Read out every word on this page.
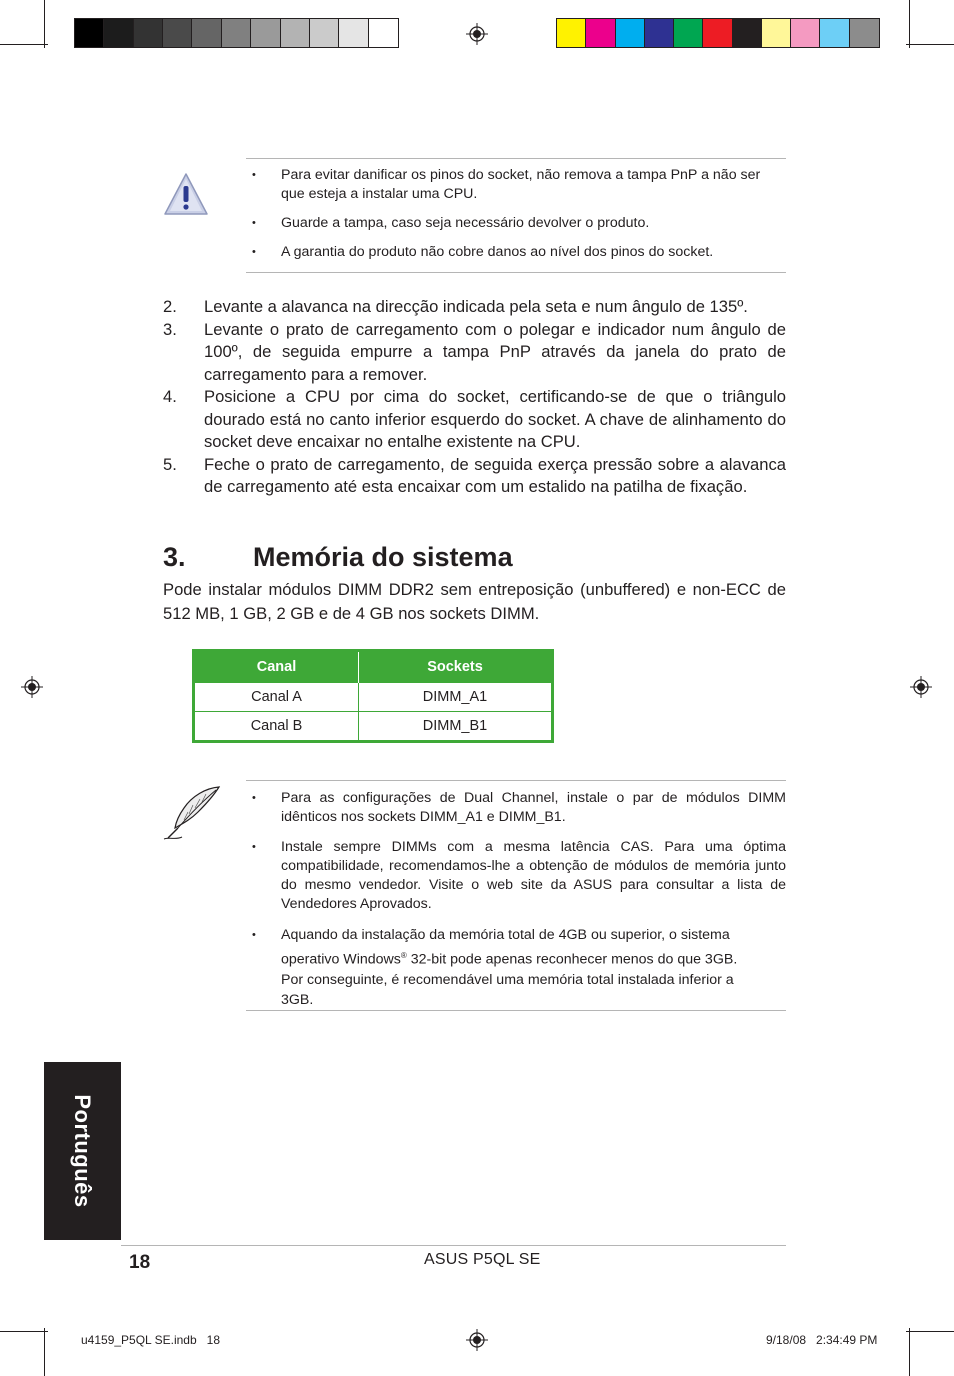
• Para evitar danificar os pinos do socket, não remova a tampa PnP a não ser que esteja a instalar uma CPU.
• Guarde a tampa, caso seja necessário devolver o produto.
• A garantia do produto não cobre danos ao nível dos pinos do socket.
2.	Levante a alavanca na direcção indicada pela seta e num ângulo de 135º.
3.	Levante o prato de carregamento com o polegar e indicador num ângulo de 100º, de seguida empurre a tampa PnP através da janela do prato de carregamento para a remover.
4.	Posicione a CPU por cima do socket, certificando-se de que o triângulo dourado está no canto inferior esquerdo do socket. A chave de alinhamento do socket deve encaixar no entalhe existente na CPU.
5.	Feche o prato de carregamento, de seguida exerça pressão sobre a alavanca de carregamento até esta encaixar com um estalido na patilha de fixação.
3.	Memória do sistema

Pode instalar módulos DIMM DDR2 sem entreposição (unbuffered) e non-ECC de 512 MB, 1 GB, 2 GB e de 4 GB nos sockets DIMM.

Canal	Sockets
Canal A	DIMM_A1
Canal B	DIMM_B1
• Para as configurações de Dual Channel, instale o par de módulos DIMM idênticos nos sockets DIMM_A1 e DIMM_B1.
• Instale sempre DIMMs com a mesma latência CAS. Para uma óptima compatibilidade, recomendamos-lhe a obtenção de módulos de memória junto do mesmo vendedor. Visite o web site da ASUS para consultar a lista de Vendedores Aprovados.
• Aquando da instalação da memória total de 4GB ou superior, o sistema
operativo Windows® 32-bit pode apenas reconhecer menos do que 3GB.
Por conseguinte, é recomendável uma memória total instalada inferior a
3GB.
Português
18	ASUS P5QL SE
u4159_P5QL SE.indb   18	9/18/08   2:34:49 PM
